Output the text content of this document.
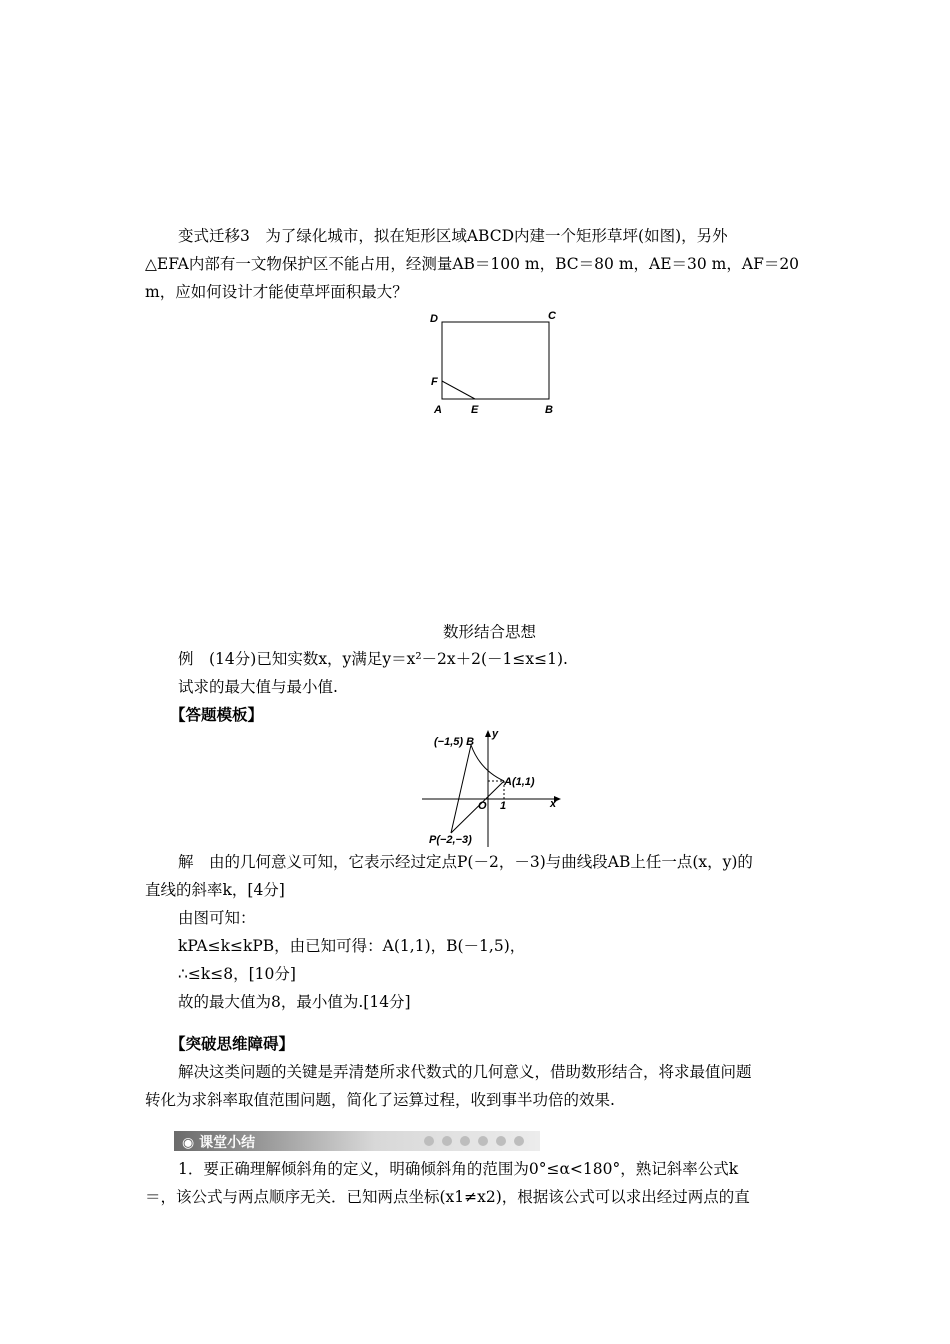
变式迁移3　为了绿化城市，拟在矩形区域ABCD内建一个矩形草坪(如图)，另外
△EFA内部有一文物保护区不能占用，经测量AB＝100 m，BC＝80 m，AE＝30 m，AF＝20
m，应如何设计才能使草坪面积最大？
D	C
F
A	E	B
数形结合思想
例　(14分)已知实数x，y满足y＝x²－2x＋2(－1≤x≤1).
试求的最大值与最小值.
【答题模板】
(−1,5) B
y
A(1,1)
O 1	x
P(−2,−3)
解　由的几何意义可知，它表示经过定点P(－2，－3)与曲线段AB上任一点(x，y)的
直线的斜率k，[4分]
由图可知：
kPA≤k≤kPB，由已知可得：A(1,1)，B(－1,5)，
∴≤k≤8，[10分]
故的最大值为8，最小值为.[14分]
【突破思维障碍】
解决这类问题的关键是弄清楚所求代数式的几何意义，借助数形结合，将求最值问题
转化为求斜率取值范围问题，简化了运算过程，收到事半功倍的效果.
◉ 课堂小结
1．要正确理解倾斜角的定义，明确倾斜角的范围为0°≤α<180°，熟记斜率公式k
＝，该公式与两点顺序无关．已知两点坐标(x1≠x2)，根据该公式可以求出经过两点的直
